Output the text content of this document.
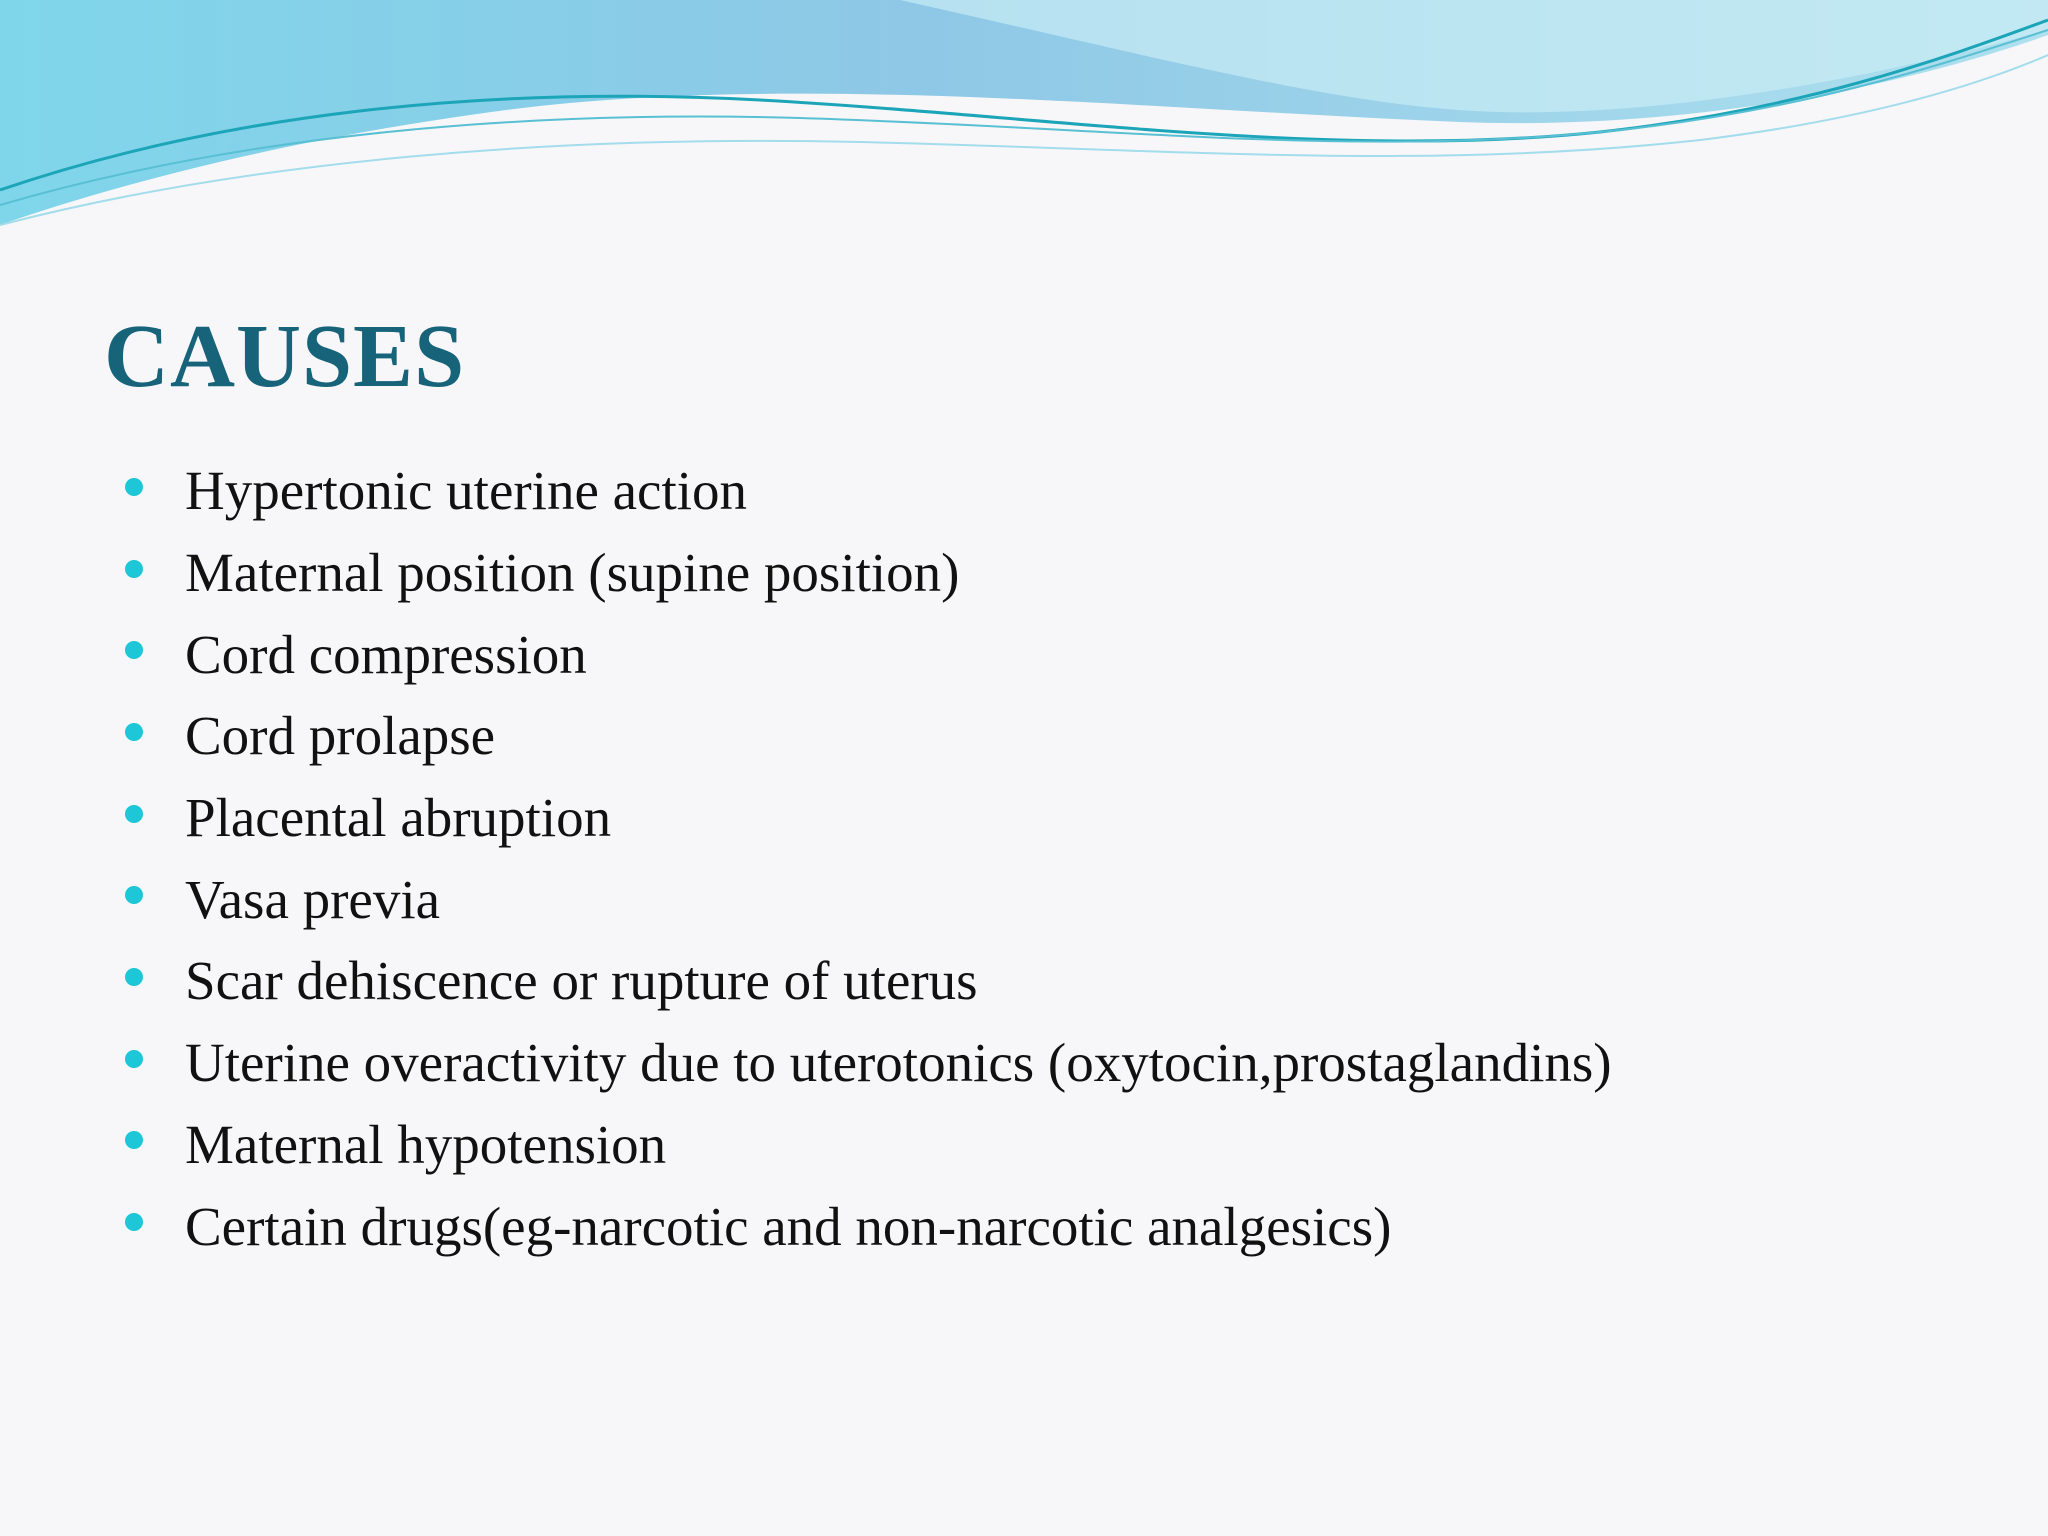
CAUSES
Hypertonic uterine action
Maternal position (supine position)
Cord compression
Cord prolapse
Placental abruption
Vasa previa
Scar dehiscence or rupture of uterus
Uterine overactivity due to uterotonics (oxytocin,prostaglandins)
Maternal hypotension
Certain drugs(eg-narcotic and non-narcotic analgesics)
